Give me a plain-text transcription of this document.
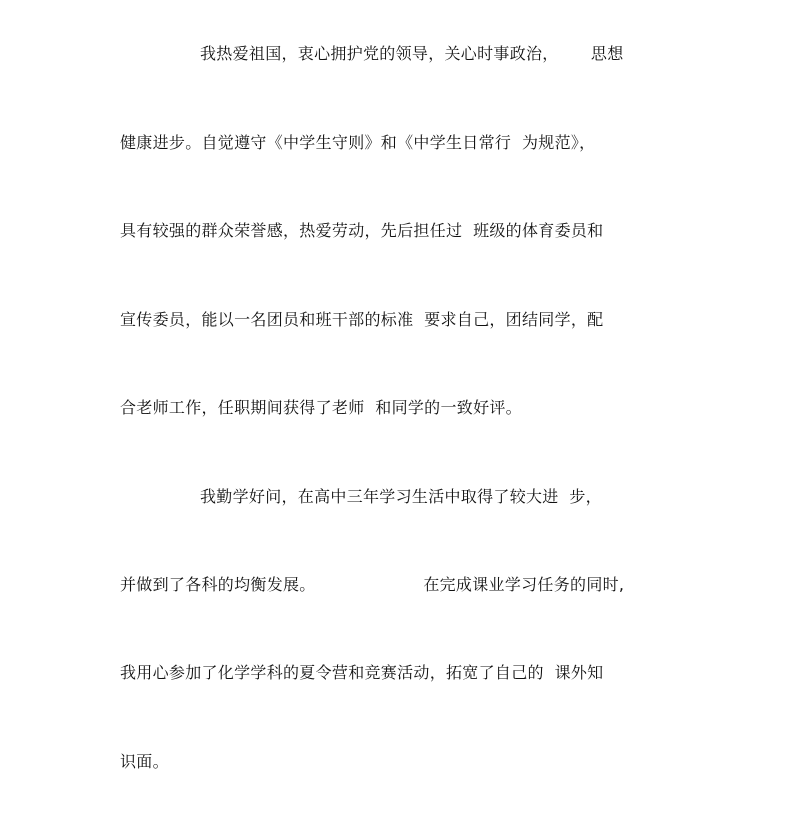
我热爱祖国，衷心拥护党的领导，关心时事政治，      思想
健康进步。自觉遵守《中学生守则》和《中学生日常行  为规范》，
具有较强的群众荣誉感，热爱劳动，先后担任过  班级的体育委员和
宣传委员，能以一名团员和班干部的标准  要求自己，团结同学，配
合老师工作，任职期间获得了老师  和同学的一致好评。
我勤学好问，在高中三年学习生活中取得了较大进  步，
并做到了各科的均衡发展。                    在完成课业学习任务的同时,
我用心参加了化学学科的夏令营和竞赛活动，拓宽了自己的  课外知
识面。
